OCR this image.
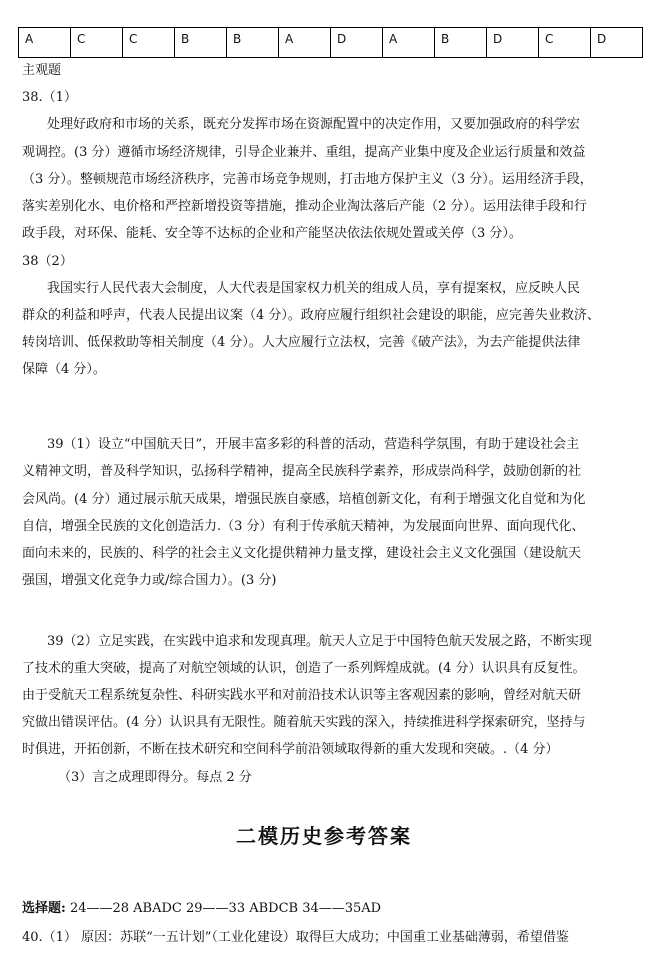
A	C	C	B	B	A	D	A	B	D	C	D
主观题
38.（1）
处理好政府和市场的关系，既充分发挥市场在资源配置中的决定作用，又要加强政府的科学宏
观调控。(3 分）遵循市场经济规律，引导企业兼并、重组，提高产业集中度及企业运行质量和效益
（3 分）。整顿规范市场经济秩序，完善市场竞争规则，打击地方保护主义（3 分）。运用经济手段，
落实差别化水、电价格和严控新增投资等措施，推动企业淘汰落后产能（2 分）。运用法律手段和行
政手段，对环保、能耗、安全等不达标的企业和产能坚决依法依规处置或关停（3 分）。
38（2）
我国实行人民代表大会制度，人大代表是国家权力机关的组成人员，享有提案权，应反映人民
群众的利益和呼声，代表人民提出议案（4 分）。政府应履行组织社会建设的职能，应完善失业救济、
转岗培训、低保救助等相关制度（4 分）。人大应履行立法权，完善《破产法》，为去产能提供法律
保障（4 分）。
39（1）设立“中国航天日”，开展丰富多彩的科普的活动，营造科学氛围，有助于建设社会主
义精神文明，普及科学知识，弘扬科学精神，提高全民族科学素养，形成崇尚科学，鼓励创新的社
会风尚。(4 分）通过展示航天成果，增强民族自豪感，培植创新文化，有利于增强文化自觉和为化
自信，增强全民族的文化创造活力.（3 分）有利于传承航天精神，为发展面向世界、面向现代化、
面向未来的，民族的、科学的社会主义文化提供精神力量支撑，建设社会主义文化强国（建设航天
强国，增强文化竞争力或/综合国力）。(3 分)
39（2）立足实践，在实践中追求和发现真理。航天人立足于中国特色航天发展之路，不断实现
了技术的重大突破，提高了对航空领域的认识，创造了一系列辉煌成就。(4 分）认识具有反复性。
由于受航天工程系统复杂性、科研实践水平和对前沿技术认识等主客观因素的影响，曾经对航天研
究做出错误评估。(4 分）认识具有无限性。随着航天实践的深入，持续推进科学探索研究，坚持与
时俱进，开拓创新，不断在技术研究和空间科学前沿领域取得新的重大发现和突破。.（4 分）
（3）言之成理即得分。每点 2 分
二模历史参考答案
选择题: 24——28 ABADC 29——33 ABDCB 34——35AD
40.（1） 原因：苏联“一五计划”（工业化建设）取得巨大成功；中国重工业基础薄弱，希望借鉴
